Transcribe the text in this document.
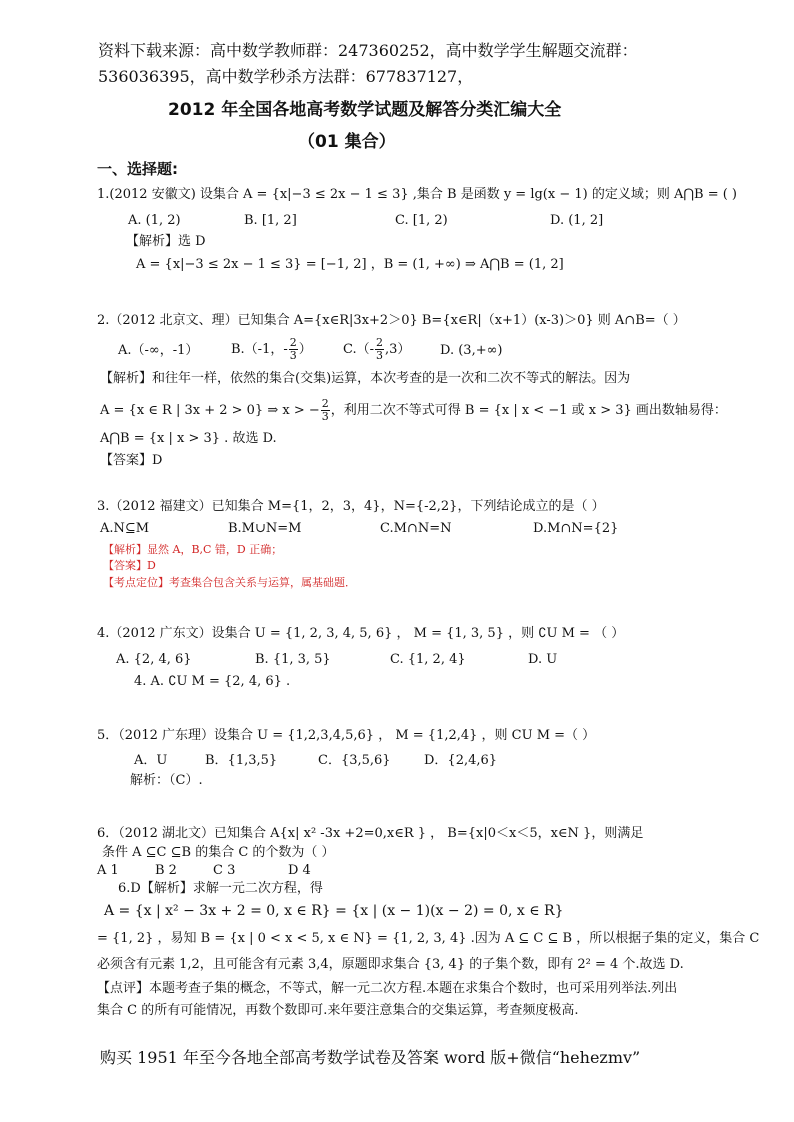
资料下载来源：高中数学教师群：247360252，高中数学学生解题交流群：
536036395，高中数学秒杀方法群：677837127，
2012 年全国各地高考数学试题及解答分类汇编大全
（01 集合）
一、选择题:
1.(2012 安徽文) 设集合 A = {x|−3 ≤ 2x − 1 ≤ 3} ,集合 B 是函数 y = lg(x − 1) 的定义域；则 A⋂B = ( )
A. (1, 2)	B. [1, 2]	C. [1, 2)	D. (1, 2]
【解析】选 D
A = {x|−3 ≤ 2x − 1 ≤ 3} = [−1, 2] ，B = (1, +∞) ⇒ A⋂B = (1, 2]
2.（2012 北京文、理）已知集合 A={x∈R|3x+2＞0} B={x∈R|（x+1）(x-3)＞0} 则 A∩B=（ ）
A.（-∞，-1）	B.（-1，- $\frac{2}{3}$ ） $C.(- \frac{2}{3} ,3)$ D. (3,+∞)
【解析】和往年一样，依然的集合(交集)运算，本次考查的是一次和二次不等式的解法。因为
A = {x ∈ R | 3x + 2 > 0} ⇒ x > − $\frac{2}{3}$ ，利用二次不等式可得 B = {x | x < −1 或 x > 3} 画出数轴易得：
A⋂B = {x | x > 3} . 故选 D.
【答案】D
3.（2012 福建文）已知集合 M={1，2，3，4}，N={-2,2}，下列结论成立的是（ ）
A.N⊆M	B.M∪N=M	C.M∩N=N	D.M∩N={2}
【解析】显然 A，B,C 错，D 正确；
【答案】D
【考点定位】考查集合包含关系与运算，属基础题．
4.（2012 广东文）设集合 U = {1, 2, 3, 4, 5, 6} ， M = {1, 3, 5} ，则 ∁U M = （ ）
A. {2, 4, 6}	B. {1, 3, 5}	C. {1, 2, 4}	D. U
4. A. ∁U M = {2, 4, 6} .
5．（2012 广东理）设集合 U = {1,2,3,4,5,6} ， M = {1,2,4} ，则 CU M =（ ）
A．U	B．{1,3,5}	C．{3,5,6}	D．{2,4,6}
解析：（C）.
6．（2012 湖北文）已知集合 A{x| x² -3x +2=0,x∈R } ， B={x|0＜x＜5，x∈N }，则满足
条件 A ⊆C ⊆B 的集合 C 的个数为（ ）
A 1	B 2	C 3	D 4
6.D【解析】求解一元二次方程，得
A = {x | x² − 3x + 2 = 0, x ∈ R} = {x | (x − 1)(x − 2) = 0, x ∈ R}
= {1, 2} ，易知 B = {x | 0 < x < 5, x ∈ N} = {1, 2, 3, 4} .因为 A ⊆ C ⊆ B ，所以根据子集的定义，集合 C
必须含有元素 1,2，且可能含有元素 3,4，原题即求集合 {3, 4} 的子集个数，即有 2² = 4 个.故选 D.
【点评】本题考查子集的概念，不等式，解一元二次方程.本题在求集合个数时，也可采用列举法.列出
集合 C 的所有可能情况，再数个数即可.来年要注意集合的交集运算，考查频度极高.
购买 1951 年至今各地全部高考数学试卷及答案 word 版+微信“hehezmv”
